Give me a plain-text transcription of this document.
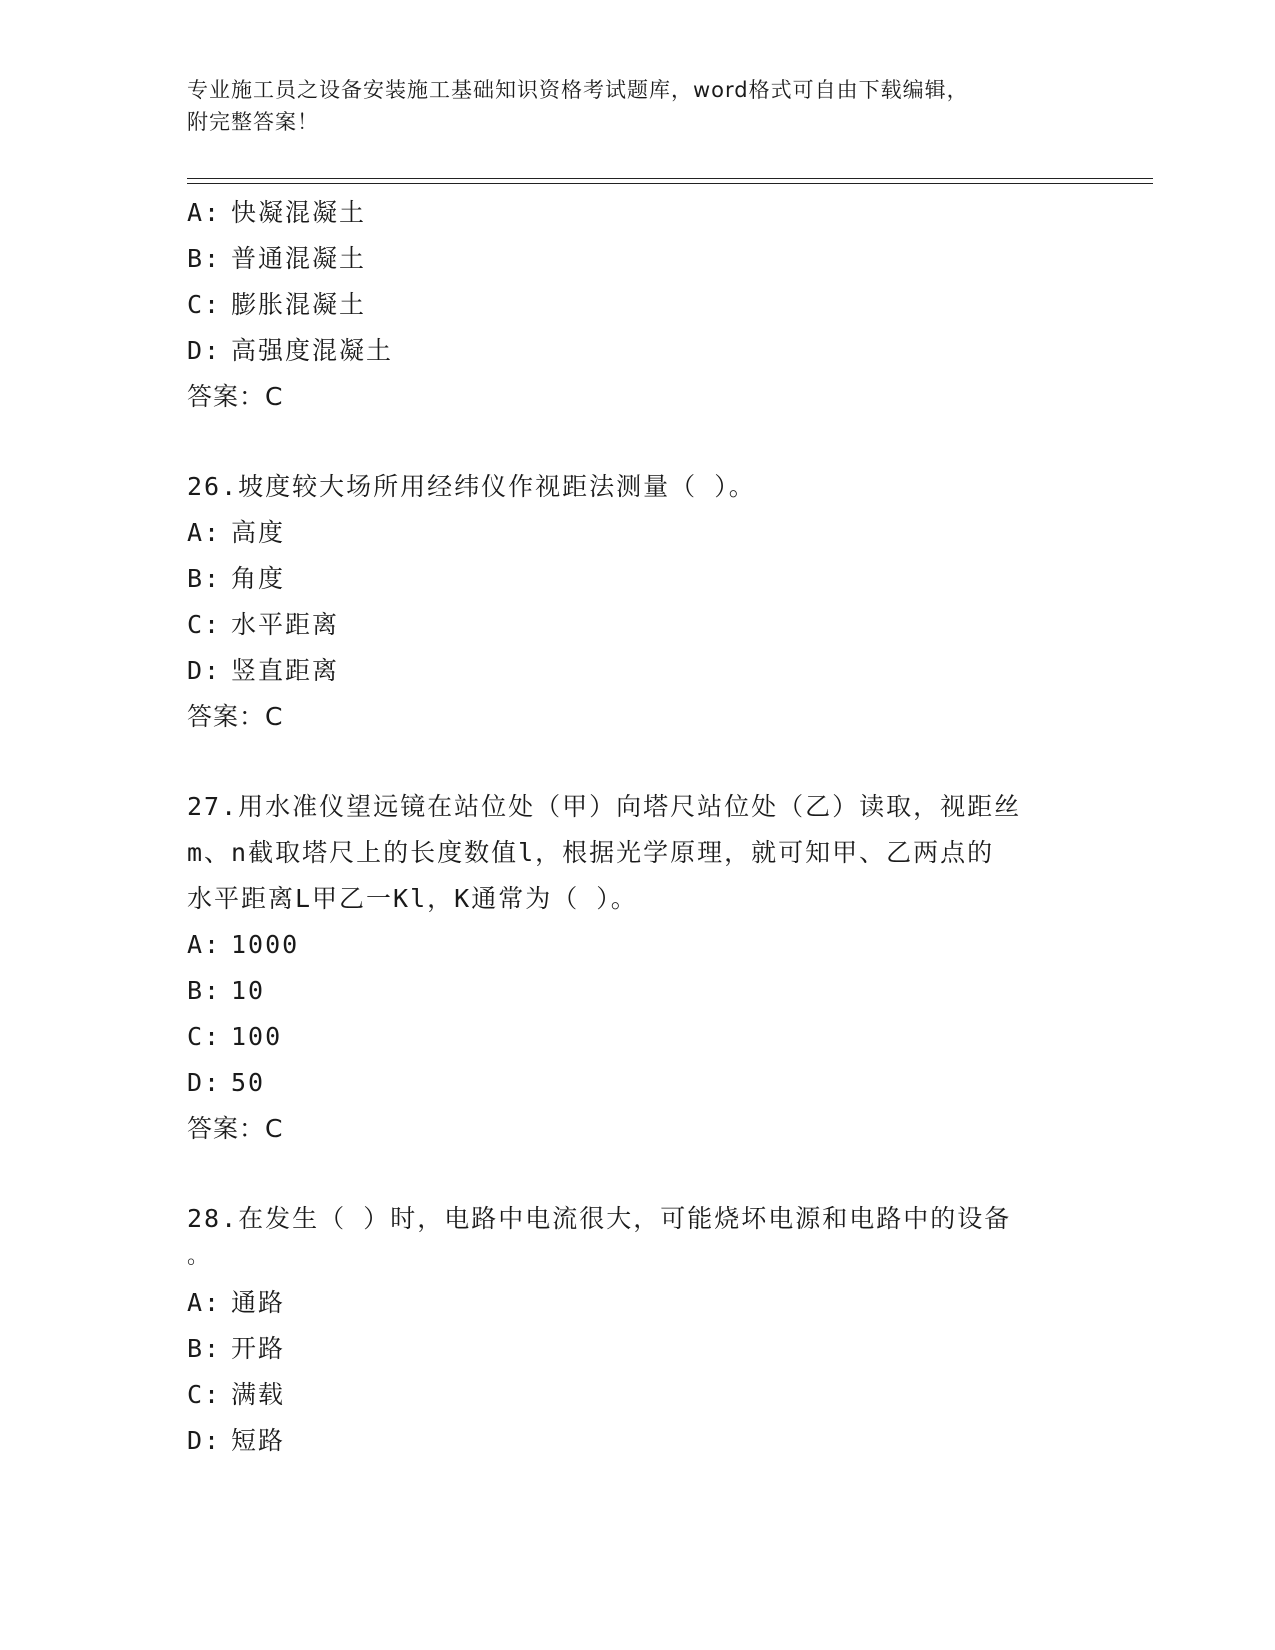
专业施工员之设备安装施工基础知识资格考试题库，word格式可自由下载编辑，
附完整答案！
A: 快凝混凝土
B: 普通混凝土
C: 膨胀混凝土
D: 高强度混凝土
答案：C
26.坡度较大场所用经纬仪作视距法测量（ ）。
A: 高度
B: 角度
C: 水平距离
D: 竖直距离
答案：C
27.用水准仪望远镜在站位处（甲）向塔尺站位处（乙）读取，视距丝
m、n截取塔尺上的长度数值l，根据光学原理，就可知甲、乙两点的
水平距离L甲乙一Kl，K通常为（ ）。
A: 1000
B: 10
C: 100
D: 50
答案：C
28.在发生（ ）时，电路中电流很大，可能烧坏电源和电路中的设备
。
A: 通路
B: 开路
C: 满载
D: 短路
